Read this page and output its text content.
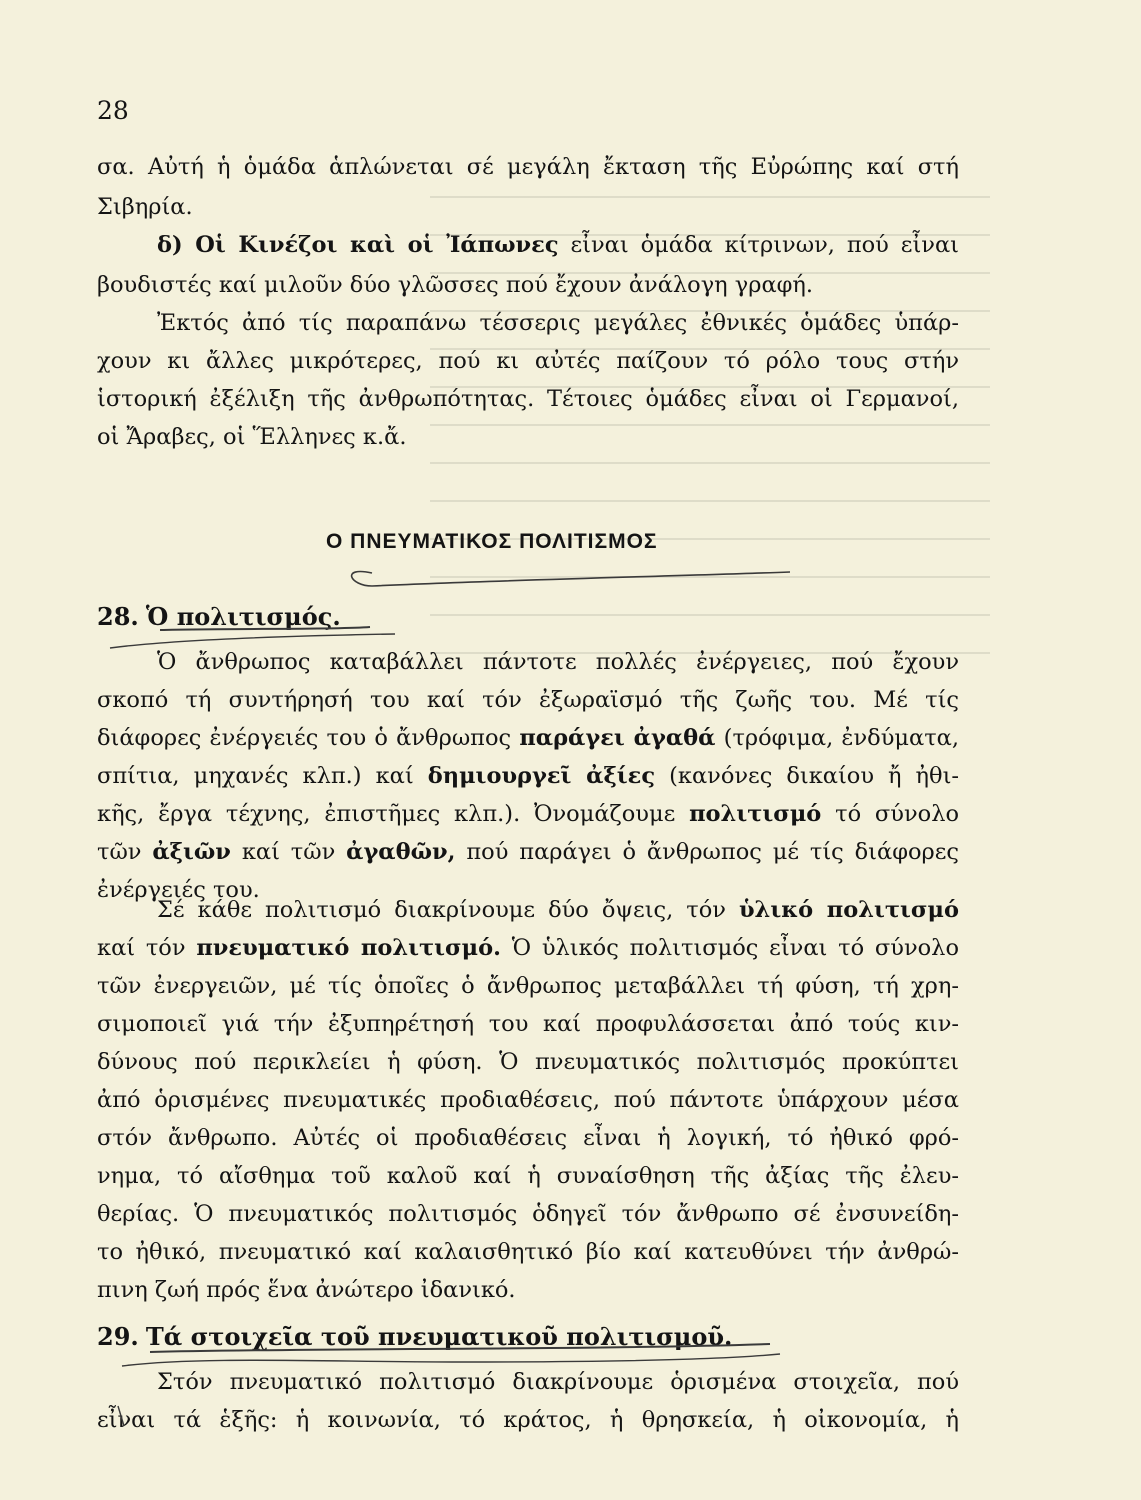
28
σα. Αὐτή ἡ ὁμάδα ἁπλώνεται σέ μεγάλη ἔκταση τῆς Εὐρώπης καί στή
Σιβηρία.
δ) Οἱ Κινέζοι καὶ οἱ Ἰάπωνες εἶναι ὁμάδα κίτρινων, πού εἶναι
βουδιστές καί μιλοῦν δύο γλῶσσες πού ἔχουν ἀνάλογη γραφή.
Ἐκτός ἀπό τίς παραπάνω τέσσερις μεγάλες ἐθνικές ὁμάδες ὑπάρ-
χουν κι ἄλλες μικρότερες, πού κι αὐτές παίζουν τό ρόλο τους στήν
ἱστορική ἐξέλιξη τῆς ἀνθρωπότητας. Τέτοιες ὁμάδες εἶναι οἱ Γερμανοί,
οἱ Ἄραβες, οἱ Ἕλληνες κ.ἄ.
Ο ΠΝΕΥΜΑΤΙΚΟΣ ΠΟΛΙΤΙΣΜΟΣ
28. Ὁ πολιτισμός.
Ὁ ἄνθρωπος καταβάλλει πάντοτε πολλές ἐνέργειες, πού ἔχουν
σκοπό τή συντήρησή του καί τόν ἐξωραϊσμό τῆς ζωῆς του. Μέ τίς
διάφορες ἐνέργειές του ὁ ἄνθρωπος παράγει ἀγαθά (τρόφιμα, ἐνδύματα,
σπίτια, μηχανές κλπ.) καί δημιουργεῖ ἀξίες (κανόνες δικαίου ἤ ἠθι-
κῆς, ἔργα τέχνης, ἐπιστῆμες κλπ.). Ὀνομάζουμε πολιτισμό τό σύνολο
τῶν ἀξιῶν καί τῶν ἀγαθῶν, πού παράγει ὁ ἄνθρωπος μέ τίς διάφορες
ἐνέργειές του.
Σέ κάθε πολιτισμό διακρίνουμε δύο ὄψεις, τόν ὑλικό πολιτισμό
καί τόν πνευματικό πολιτισμό. Ὁ ὑλικός πολιτισμός εἶναι τό σύνολο
τῶν ἐνεργειῶν, μέ τίς ὁποῖες ὁ ἄνθρωπος μεταβάλλει τή φύση, τή χρη-
σιμοποιεῖ γιά τήν ἐξυπηρέτησή του καί προφυλάσσεται ἀπό τούς κιν-
δύνους πού περικλείει ἡ φύση. Ὁ πνευματικός πολιτισμός προκύπτει
ἀπό ὁρισμένες πνευματικές προδιαθέσεις, πού πάντοτε ὑπάρχουν μέσα
στόν ἄνθρωπο. Αὐτές οἱ προδιαθέσεις εἶναι ἡ λογική, τό ἠθικό φρό-
νημα, τό αἴσθημα τοῦ καλοῦ καί ἡ συναίσθηση τῆς ἀξίας τῆς ἐλευ-
θερίας. Ὁ πνευματικός πολιτισμός ὁδηγεῖ τόν ἄνθρωπο σέ ἐνσυνείδη-
το ἠθικό, πνευματικό καί καλαισθητικό βίο καί κατευθύνει τήν ἀνθρώ-
πινη ζωή πρός ἕνα ἀνώτερο ἰδανικό.
29. Τά στοιχεῖα τοῦ πνευματικοῦ πολιτισμοῦ.
Στόν πνευματικό πολιτισμό διακρίνουμε ὁρισμένα στοιχεῖα, πού
εἶναι τά ἑξῆς: ἡ κοινωνία, τό κράτος, ἡ θρησκεία, ἡ οἰκονομία, ἡ
